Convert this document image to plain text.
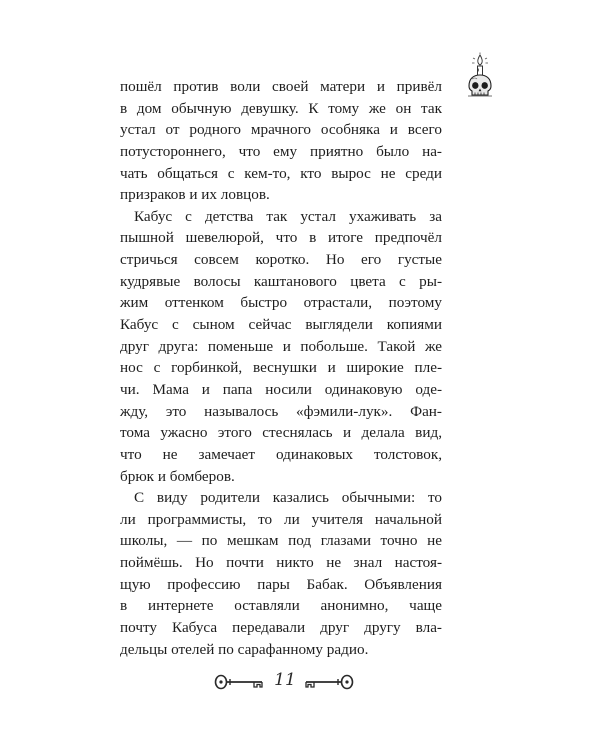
пошёл против воли своей матери и привёл
в дом обычную девушку. К тому же он так
устал от родного мрачного особняка и всего
потустороннего, что ему приятно было на-
чать общаться с кем-то, кто вырос не среди
призраков и их ловцов.
Кабус с детства так устал ухаживать за
пышной шевелюрой, что в итоге предпочёл
стричься совсем коротко. Но его густые
кудрявые волосы каштанового цвета с ры-
жим оттенком быстро отрастали, поэтому
Кабус с сыном сейчас выглядели копиями
друг друга: поменьше и побольше. Такой же
нос с горбинкой, веснушки и широкие пле-
чи. Мама и папа носили одинаковую оде-
жду, это называлось «фэмили-лук». Фан-
тома ужасно этого стеснялась и делала вид,
что не замечает одинаковых толстовок,
брюк и бомберов.
С виду родители казались обычными: то
ли программисты, то ли учителя начальной
школы, — по мешкам под глазами точно не
поймёшь. Но почти никто не знал настоя-
щую профессию пары Бабак. Объявления
в интернете оставляли анонимно, чаще
почту Кабуса передавали друг другу вла-
дельцы отелей по сарафанному радио.
11
